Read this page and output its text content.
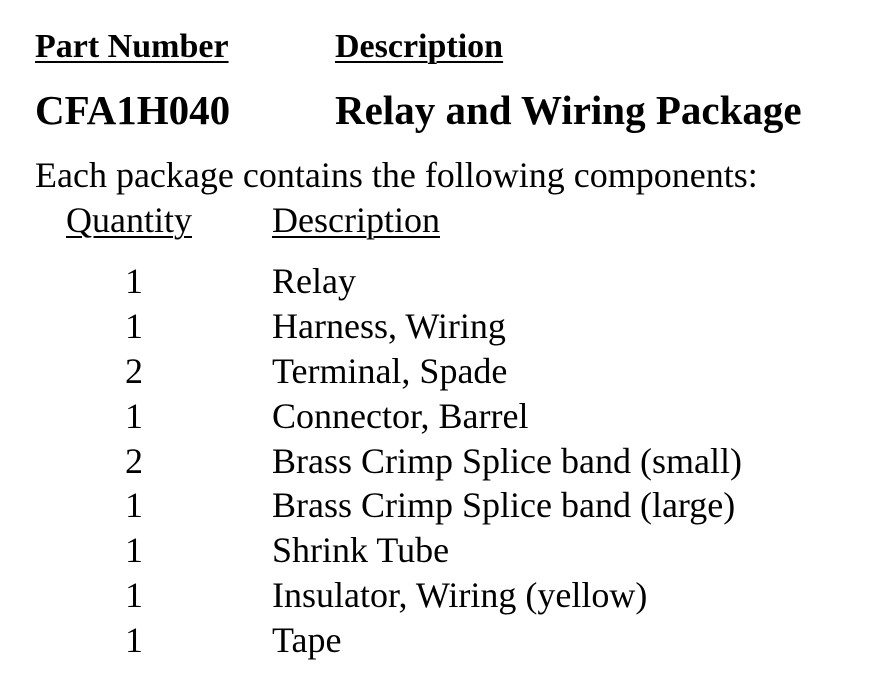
Part Number	Description
CFA1H040	Relay and Wiring Package
Each package contains the following components:
Quantity Description
1	Relay
1	Harness, Wiring
2	Terminal, Spade
1	Connector, Barrel
2	Brass Crimp Splice band (small)
1	Brass Crimp Splice band (large)
1	Shrink Tube
1	Insulator, Wiring (yellow)
1	Tape
